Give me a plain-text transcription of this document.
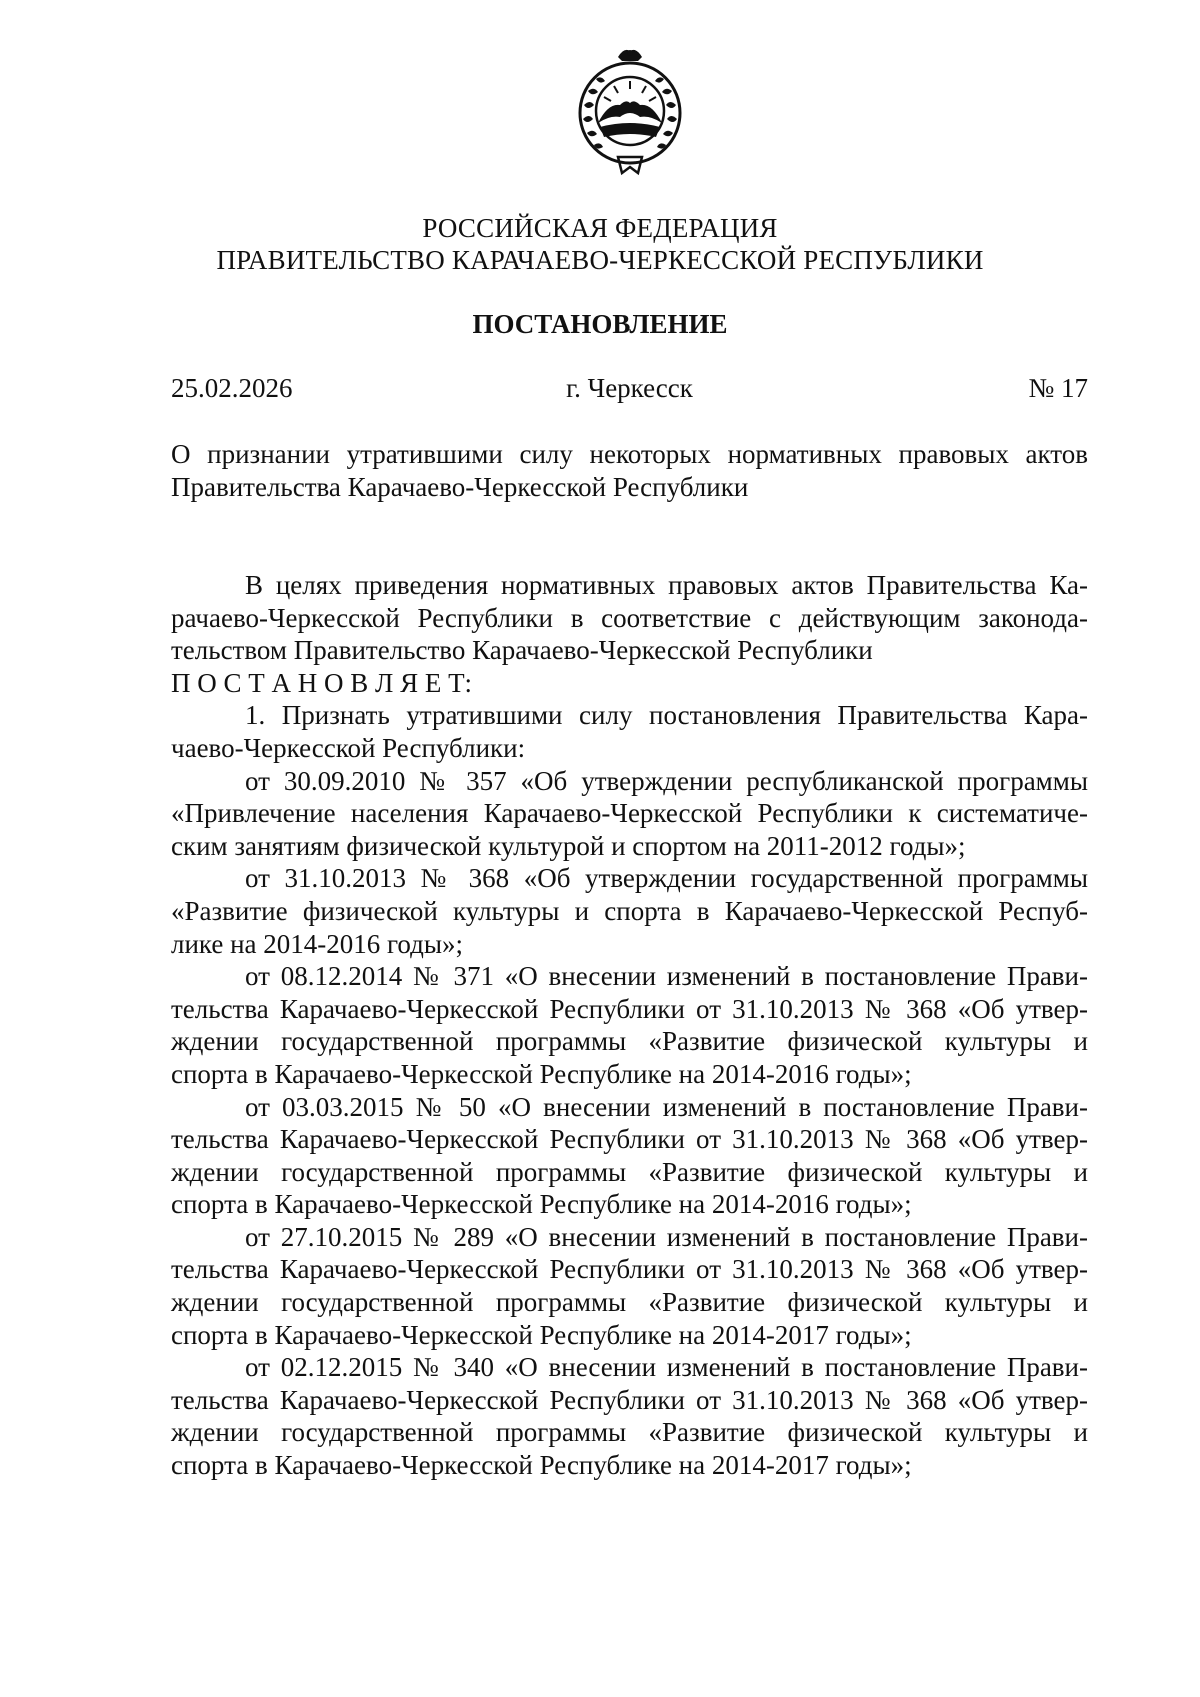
РОССИЙСКАЯ ФЕДЕРАЦИЯ
ПРАВИТЕЛЬСТВО КАРАЧАЕВО-ЧЕРКЕССКОЙ РЕСПУБЛИКИ
ПОСТАНОВЛЕНИЕ
25.02.2026	г. Черкесск	№ 17
О признании утратившими силу некоторых нормативных правовых актов
Правительства Карачаево-Черкесской Республики
В целях приведения нормативных правовых актов Правительства Ка-
рачаево-Черкесской Республики в соответствие с действующим законода-
тельством Правительство Карачаево-Черкесской Республики
П О С Т А Н О В Л Я Е Т:
1. Признать утратившими силу постановления Правительства Кара-
чаево-Черкесской Республики:
от 30.09.2010 № 357 «Об утверждении республиканской программы
«Привлечение населения Карачаево-Черкесской Республики к систематиче-
ским занятиям физической культурой и спортом на 2011-2012 годы»;
от 31.10.2013 № 368 «Об утверждении государственной программы
«Развитие физической культуры и спорта в Карачаево-Черкесской Респуб-
лике на 2014-2016 годы»;
от 08.12.2014 № 371 «О внесении изменений в постановление Прави-
тельства Карачаево-Черкесской Республики от 31.10.2013 № 368 «Об утвер-
ждении государственной программы «Развитие физической культуры и
спорта в Карачаево-Черкесской Республике на 2014-2016 годы»;
от 03.03.2015 № 50 «О внесении изменений в постановление Прави-
тельства Карачаево-Черкесской Республики от 31.10.2013 № 368 «Об утвер-
ждении государственной программы «Развитие физической культуры и
спорта в Карачаево-Черкесской Республике на 2014-2016 годы»;
от 27.10.2015 № 289 «О внесении изменений в постановление Прави-
тельства Карачаево-Черкесской Республики от 31.10.2013 № 368 «Об утвер-
ждении государственной программы «Развитие физической культуры и
спорта в Карачаево-Черкесской Республике на 2014-2017 годы»;
от 02.12.2015 № 340 «О внесении изменений в постановление Прави-
тельства Карачаево-Черкесской Республики от 31.10.2013 № 368 «Об утвер-
ждении государственной программы «Развитие физической культуры и
спорта в Карачаево-Черкесской Республике на 2014-2017 годы»;
